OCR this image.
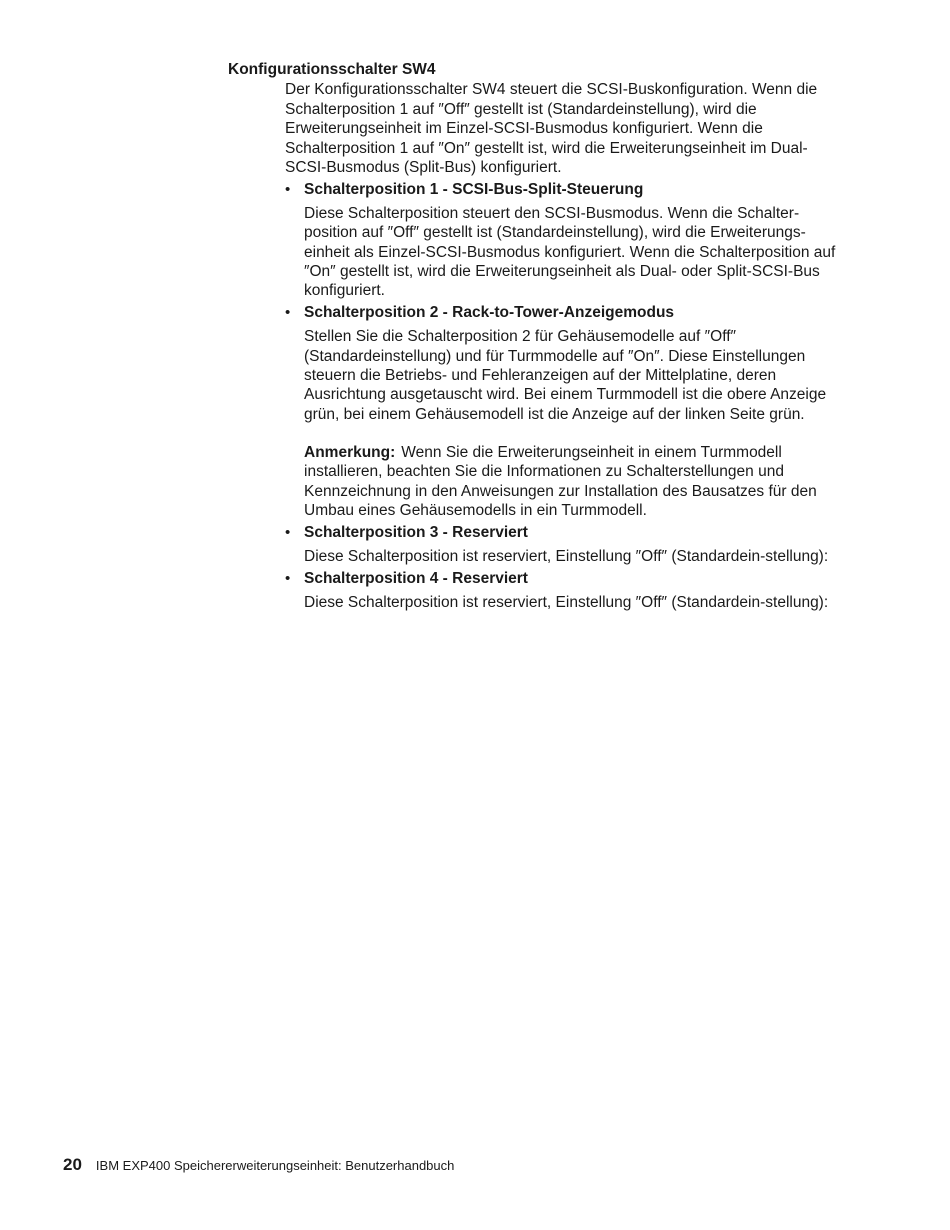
Konfigurationsschalter SW4

Der Konfigurationsschalter SW4 steuert die SCSI-Buskonfiguration. Wenn die Schalterposition 1 auf ″Off″ gestellt ist (Standardeinstellung), wird die Erweiterungseinheit im Einzel-SCSI-Busmodus konfiguriert. Wenn die Schalterposition 1 auf ″On″ gestellt ist, wird die Erweiterungseinheit im Dual-SCSI-Busmodus (Split-Bus) konfiguriert.

• Schalterposition 1 - SCSI-Bus-Split-Steuerung

Diese Schalterposition steuert den SCSI-Busmodus. Wenn die Schalter-position auf ″Off″ gestellt ist (Standardeinstellung), wird die Erweiterungs-einheit als Einzel-SCSI-Busmodus konfiguriert. Wenn die Schalterposition auf ″On″ gestellt ist, wird die Erweiterungseinheit als Dual- oder Split-SCSI-Bus konfiguriert.

• Schalterposition 2 - Rack-to-Tower-Anzeigemodus

Stellen Sie die Schalterposition 2 für Gehäusemodelle auf ″Off″ (Standardeinstellung) und für Turmmodelle auf ″On″. Diese Einstellungen steuern die Betriebs- und Fehleranzeigen auf der Mittelplatine, deren Ausrichtung ausgetauscht wird. Bei einem Turmmodell ist die obere Anzeige grün, bei einem Gehäusemodell ist die Anzeige auf der linken Seite grün.

Anmerkung: Wenn Sie die Erweiterungseinheit in einem Turmmodell installieren, beachten Sie die Informationen zu Schalterstellungen und Kennzeichnung in den Anweisungen zur Installation des Bausatzes für den Umbau eines Gehäusemodells in ein Turmmodell.

• Schalterposition 3 - Reserviert

Diese Schalterposition ist reserviert, Einstellung ″Off″ (Standardein-stellung):

• Schalterposition 4 - Reserviert

Diese Schalterposition ist reserviert, Einstellung ″Off″ (Standardein-stellung):

20 IBM EXP400 Speichererweiterungseinheit: Benutzerhandbuch
